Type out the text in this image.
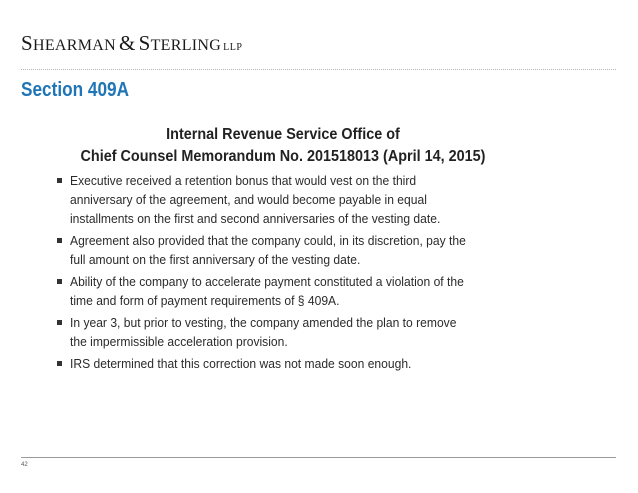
SHEARMAN & STERLING LLP
Section 409A
Internal Revenue Service Office of
Chief Counsel Memorandum No. 201518013 (April 14, 2015)
Executive received a retention bonus that would vest on the third
anniversary of the agreement, and would become payable in equal
installments on the first and second anniversaries of the vesting date.
Agreement also provided that the company could, in its discretion, pay the
full amount on the first anniversary of the vesting date.
Ability of the company to accelerate payment constituted a violation of the
time and form of payment requirements of § 409A.
In year 3, but prior to vesting, the company amended the plan to remove
the impermissible acceleration provision.
IRS determined that this correction was not made soon enough.
42
